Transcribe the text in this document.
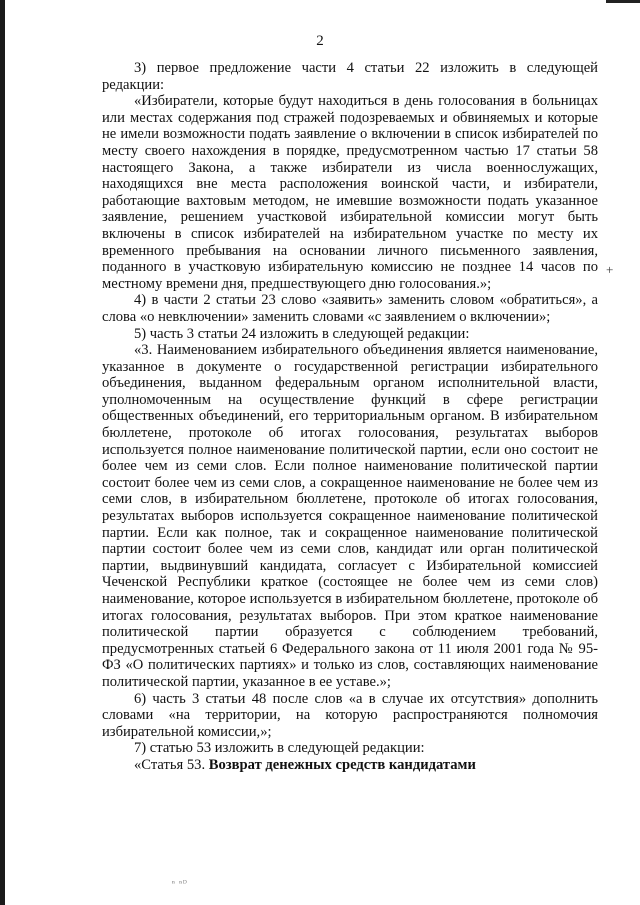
2

3) первое предложение части 4 статьи 22 изложить в следующей редакции:

«Избиратели, которые будут находиться в день голосования в больницах или местах содержания под стражей подозреваемых и обвиняемых и которые не имели возможности подать заявление о включении в список избирателей по месту своего нахождения в порядке, предусмотренном частью 17 статьи 58 настоящего Закона, а также избиратели из числа военнослужащих, находящихся вне места расположения воинской части, и избиратели, работающие вахтовым методом, не имевшие возможности подать указанное заявление, решением участковой избирательной комиссии могут быть включены в список избирателей на избирательном участке по месту их временного пребывания на основании личного письменного заявления, поданного в участковую избирательную комиссию не позднее 14 часов по местному времени дня, предшествующего дню голосования.»;

4) в части 2 статьи 23 слово «заявить» заменить словом «обратиться», а слова «о невключении» заменить словами «с заявлением о включении»;

5) часть 3 статьи 24 изложить в следующей редакции:

«3. Наименованием избирательного объединения является наименование, указанное в документе о государственной регистрации избирательного объединения, выданном федеральным органом исполнительной власти, уполномоченным на осуществление функций в сфере регистрации общественных объединений, его территориальным органом. В избирательном бюллетене, протоколе об итогах голосования, результатах выборов используется полное наименование политической партии, если оно состоит не более чем из семи слов. Если полное наименование политической партии состоит более чем из семи слов, а сокращенное наименование не более чем из семи слов, в избирательном бюллетене, протоколе об итогах голосования, результатах выборов используется сокращенное наименование политической партии. Если как полное, так и сокращенное наименование политической партии состоит более чем из семи слов, кандидат или орган политической партии, выдвинувший кандидата, согласует с Избирательной комиссией Чеченской Республики краткое (состоящее не более чем из семи слов) наименование, которое используется в избирательном бюллетене, протоколе об итогах голосования, результатах выборов. При этом краткое наименование политической партии образуется с соблюдением требований, предусмотренных статьей 6 Федерального закона от 11 июля 2001 года № 95-ФЗ «О политических партиях» и только из слов, составляющих наименование политической партии, указанное в ее уставе.»;

6) часть 3 статьи 48 после слов «а в случае их отсутствия» дополнить словами «на территории, на которую распространяются полномочия избирательной комиссии,»;

7) статью 53 изложить в следующей редакции:

«Статья 53. Возврат денежных средств кандидатами

+
ⁿ ⁿᴰ
